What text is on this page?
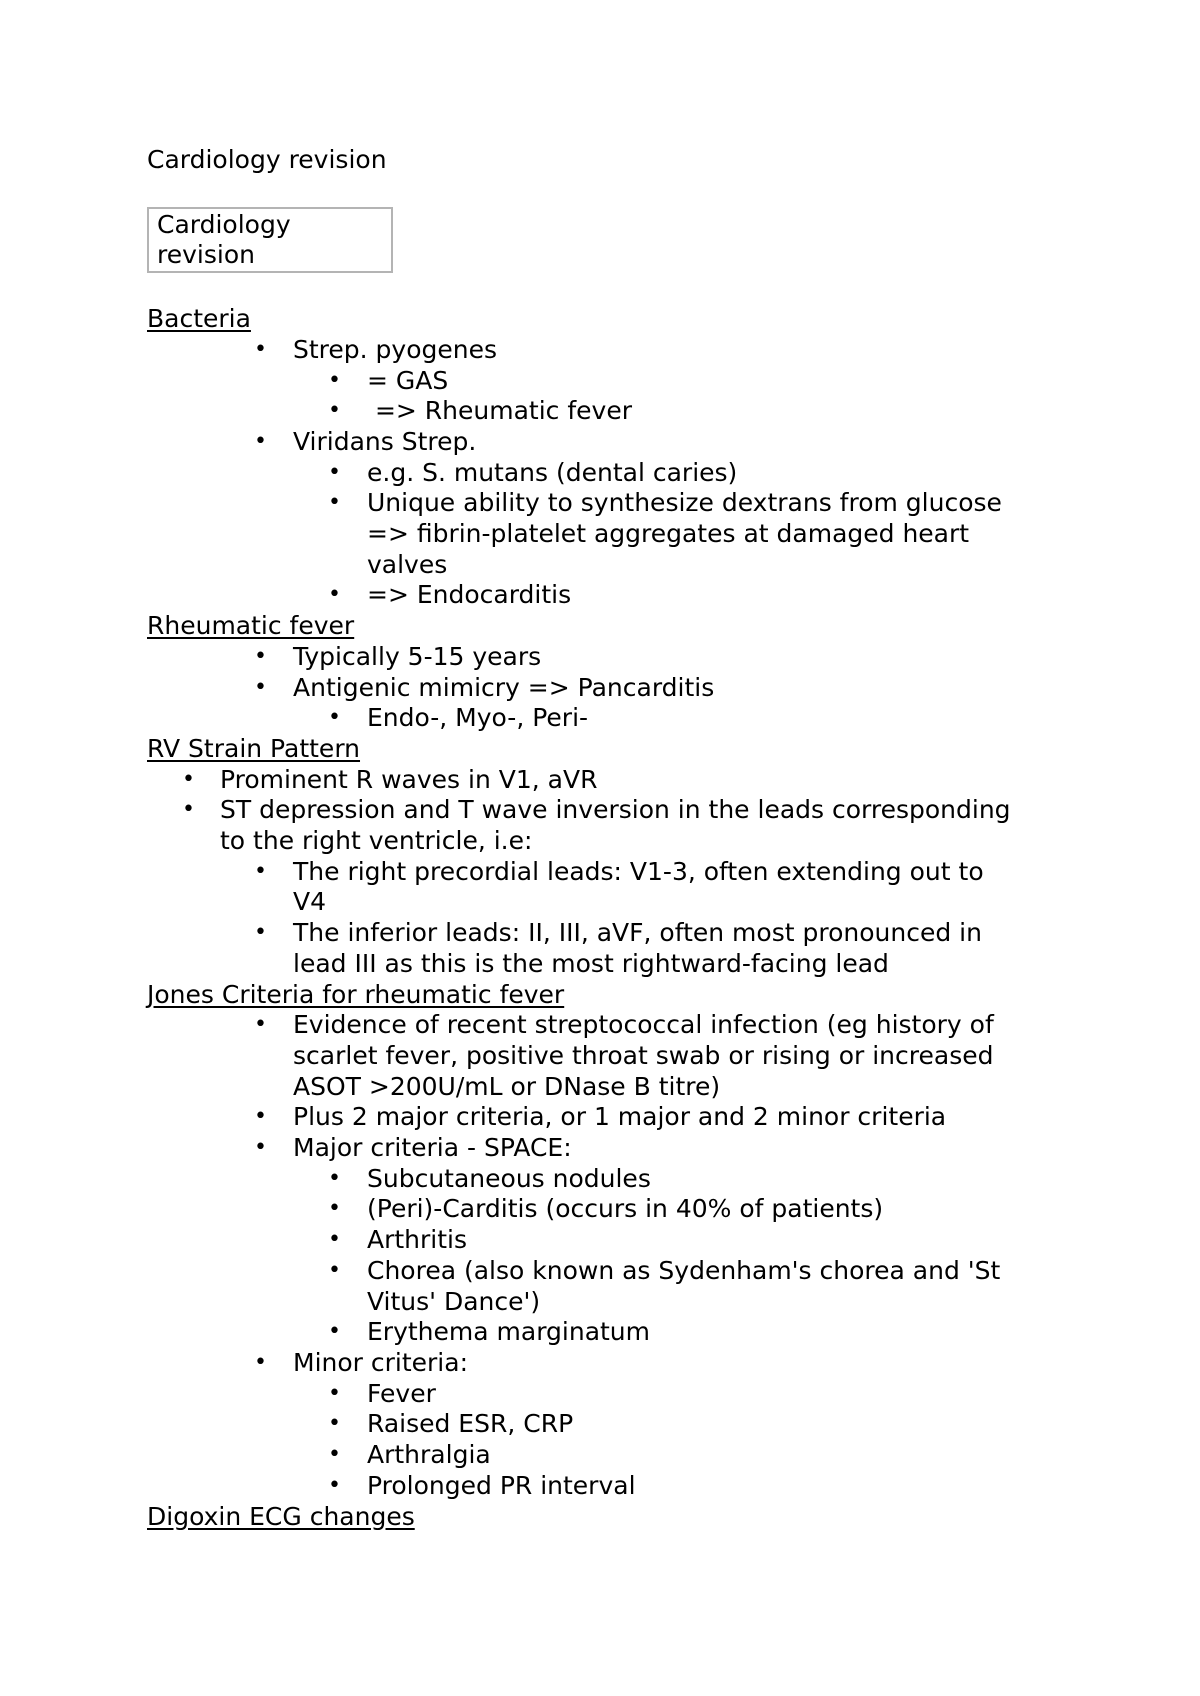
Cardiology revision

Cardiology
revision

Bacteria

• Strep. pyogenes
• = GAS
•  => Rheumatic fever
• Viridans Strep.
• e.g. S. mutans (dental caries)
• Unique ability to synthesize dextrans from glucose
=> fibrin-platelet aggregates at damaged heart
valves
• => Endocarditis

Rheumatic fever

• Typically 5-15 years
• Antigenic mimicry => Pancarditis
• Endo-, Myo-, Peri-

RV Strain Pattern

• Prominent R waves in V1, aVR
• ST depression and T wave inversion in the leads corresponding
to the right ventricle, i.e:
• The right precordial leads: V1-3, often extending out to
V4
• The inferior leads: II, III, aVF, often most pronounced in
lead III as this is the most rightward-facing lead

Jones Criteria for rheumatic fever

• Evidence of recent streptococcal infection (eg history of
scarlet fever, positive throat swab or rising or increased
ASOT >200U/mL or DNase B titre)
• Plus 2 major criteria, or 1 major and 2 minor criteria
• Major criteria - SPACE:
• Subcutaneous nodules
• (Peri)-Carditis (occurs in 40% of patients)
• Arthritis
• Chorea (also known as Sydenham's chorea and 'St
Vitus' Dance')
• Erythema marginatum
• Minor criteria:
• Fever
• Raised ESR, CRP
• Arthralgia
• Prolonged PR interval

Digoxin ECG changes
